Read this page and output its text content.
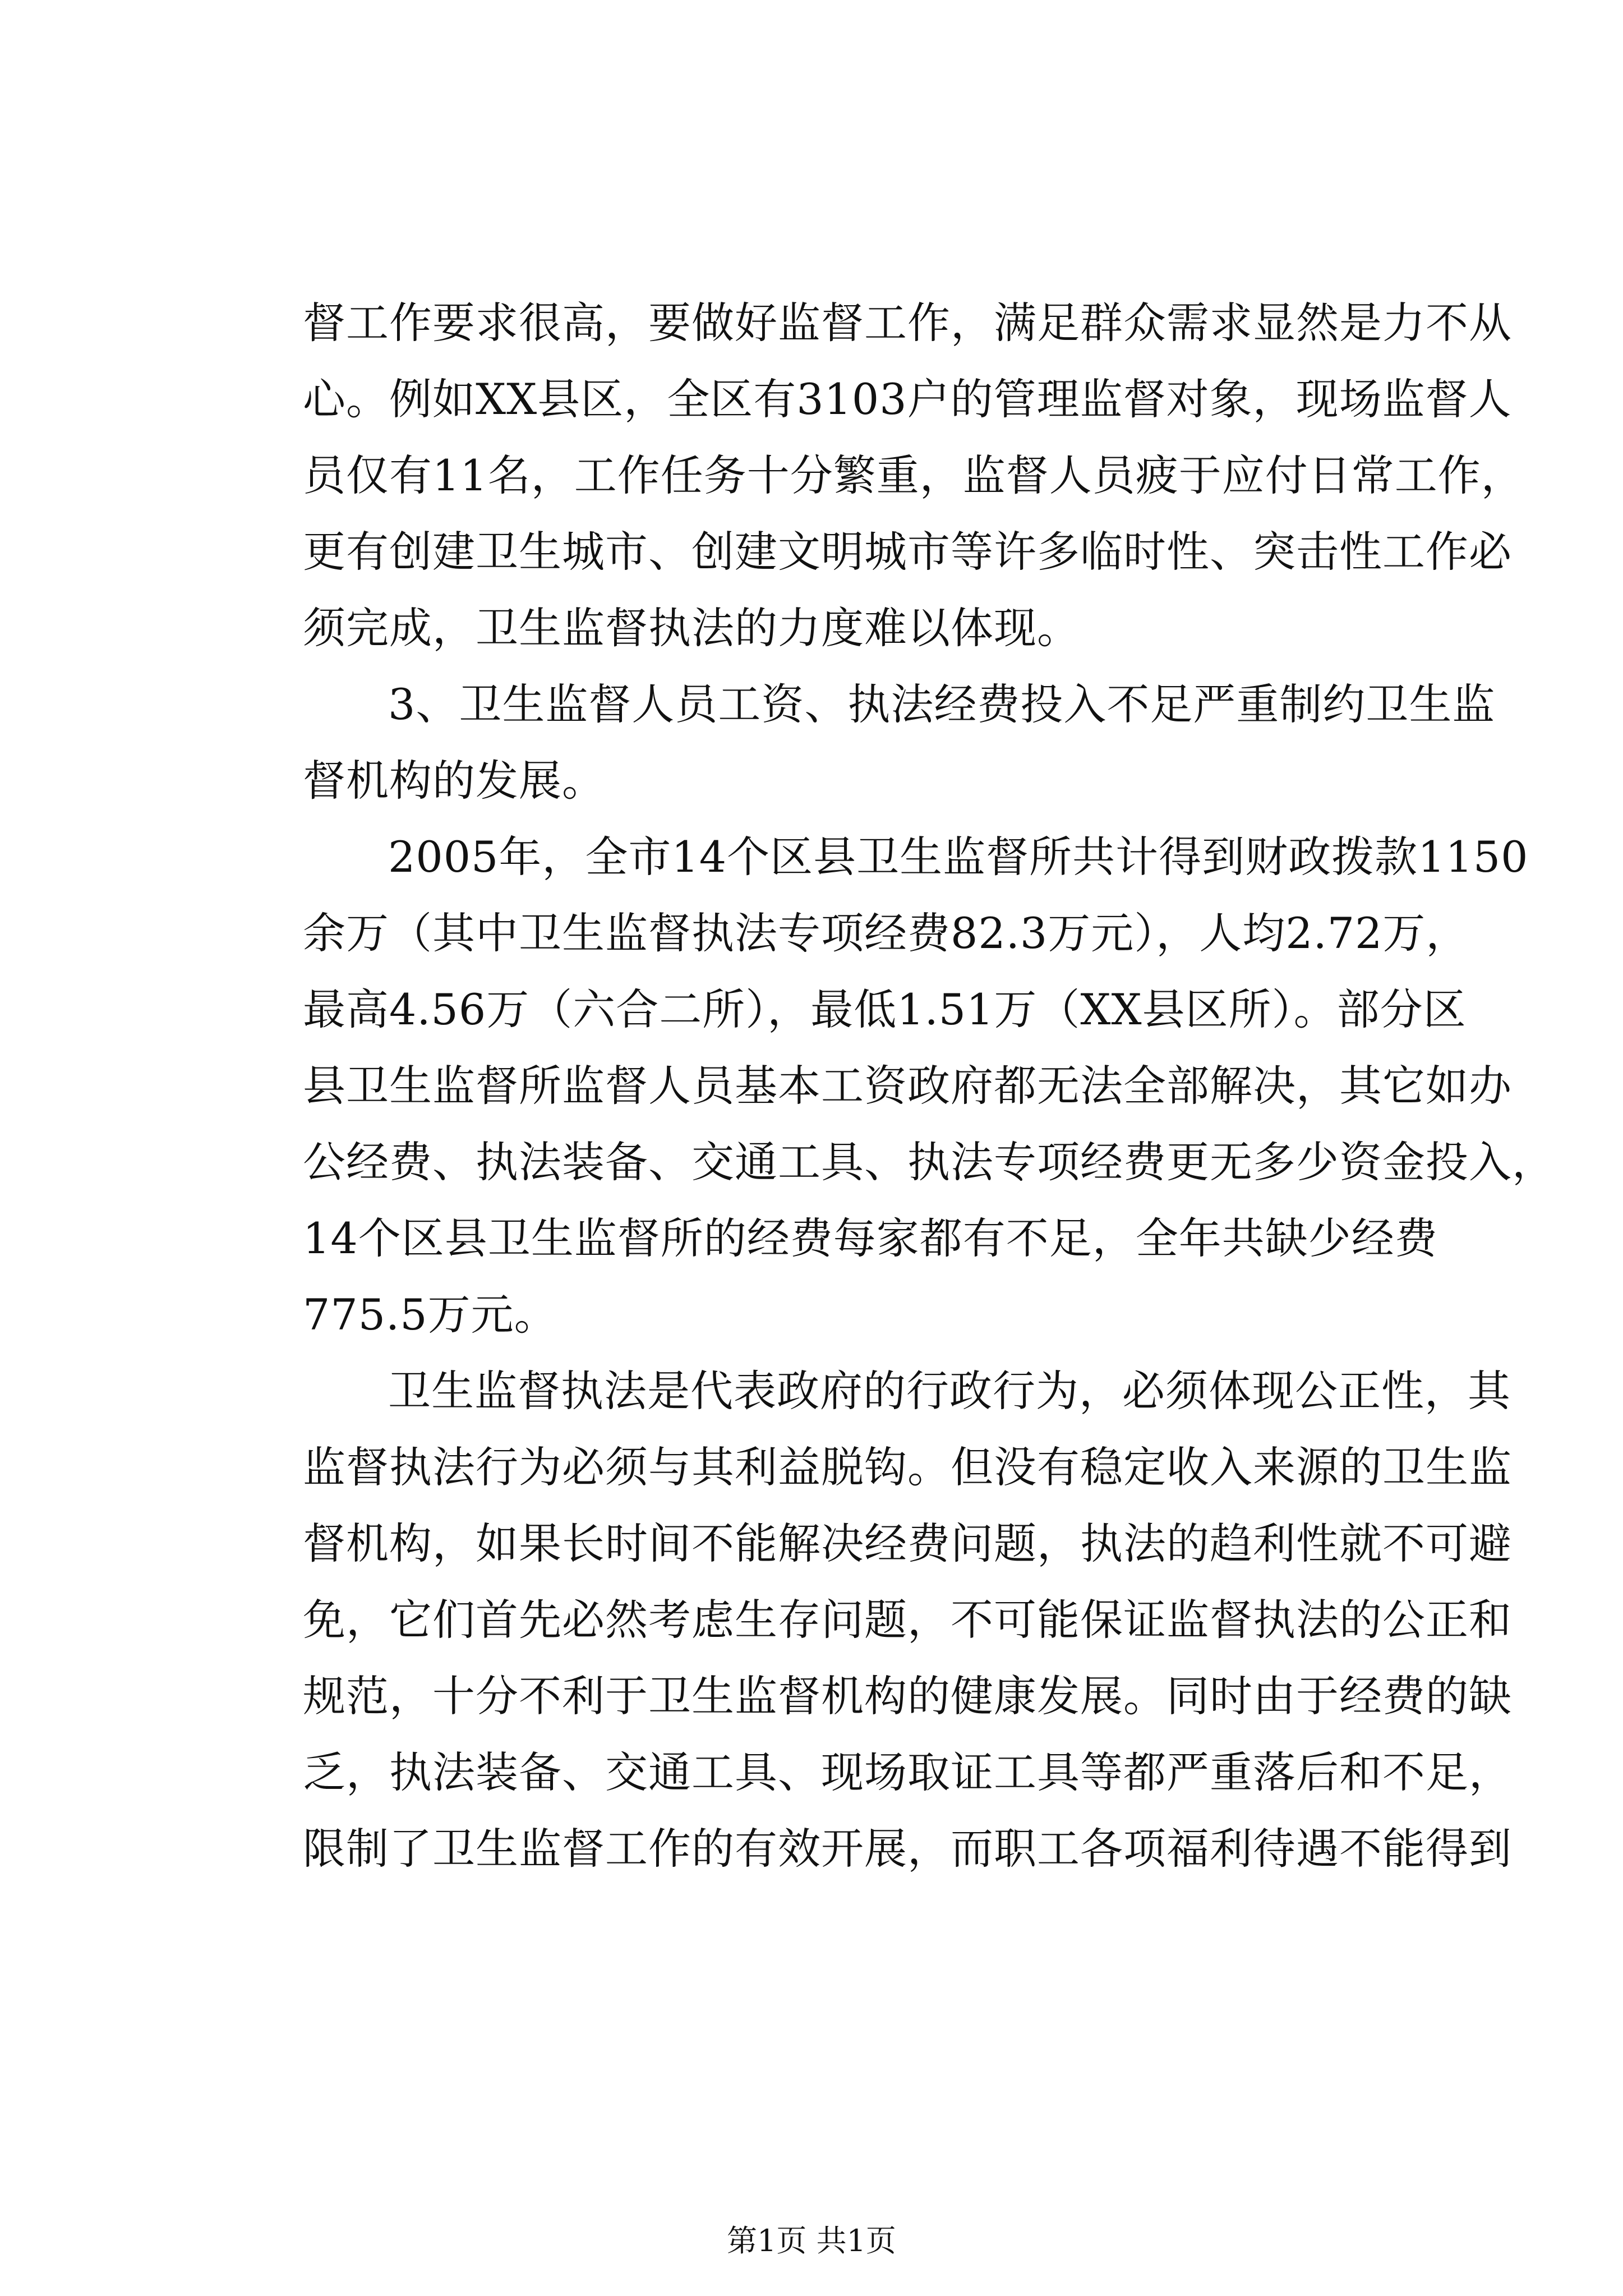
督工作要求很高，要做好监督工作，满足群众需求显然是力不从
心。例如XX县区，全区有3103户的管理监督对象，现场监督人
员仅有11名，工作任务十分繁重，监督人员疲于应付日常工作，
更有创建卫生城市、创建文明城市等许多临时性、突击性工作必
须完成，卫生监督执法的力度难以体现。

3、卫生监督人员工资、执法经费投入不足严重制约卫生监
督机构的发展。

2005年，全市14个区县卫生监督所共计得到财政拨款1150
余万（其中卫生监督执法专项经费82.3万元），人均2.72万，
最高4.56万（六合二所），最低1.51万（XX县区所）。部分区
县卫生监督所监督人员基本工资政府都无法全部解决，其它如办
公经费、执法装备、交通工具、执法专项经费更无多少资金投入，
14个区县卫生监督所的经费每家都有不足，全年共缺少经费
775.5万元。

卫生监督执法是代表政府的行政行为，必须体现公正性，其
监督执法行为必须与其利益脱钩。但没有稳定收入来源的卫生监
督机构，如果长时间不能解决经费问题，执法的趋利性就不可避
免，它们首先必然考虑生存问题，不可能保证监督执法的公正和
规范，十分不利于卫生监督机构的健康发展。同时由于经费的缺
乏，执法装备、交通工具、现场取证工具等都严重落后和不足，
限制了卫生监督工作的有效开展，而职工各项福利待遇不能得到

第1页 共1页
